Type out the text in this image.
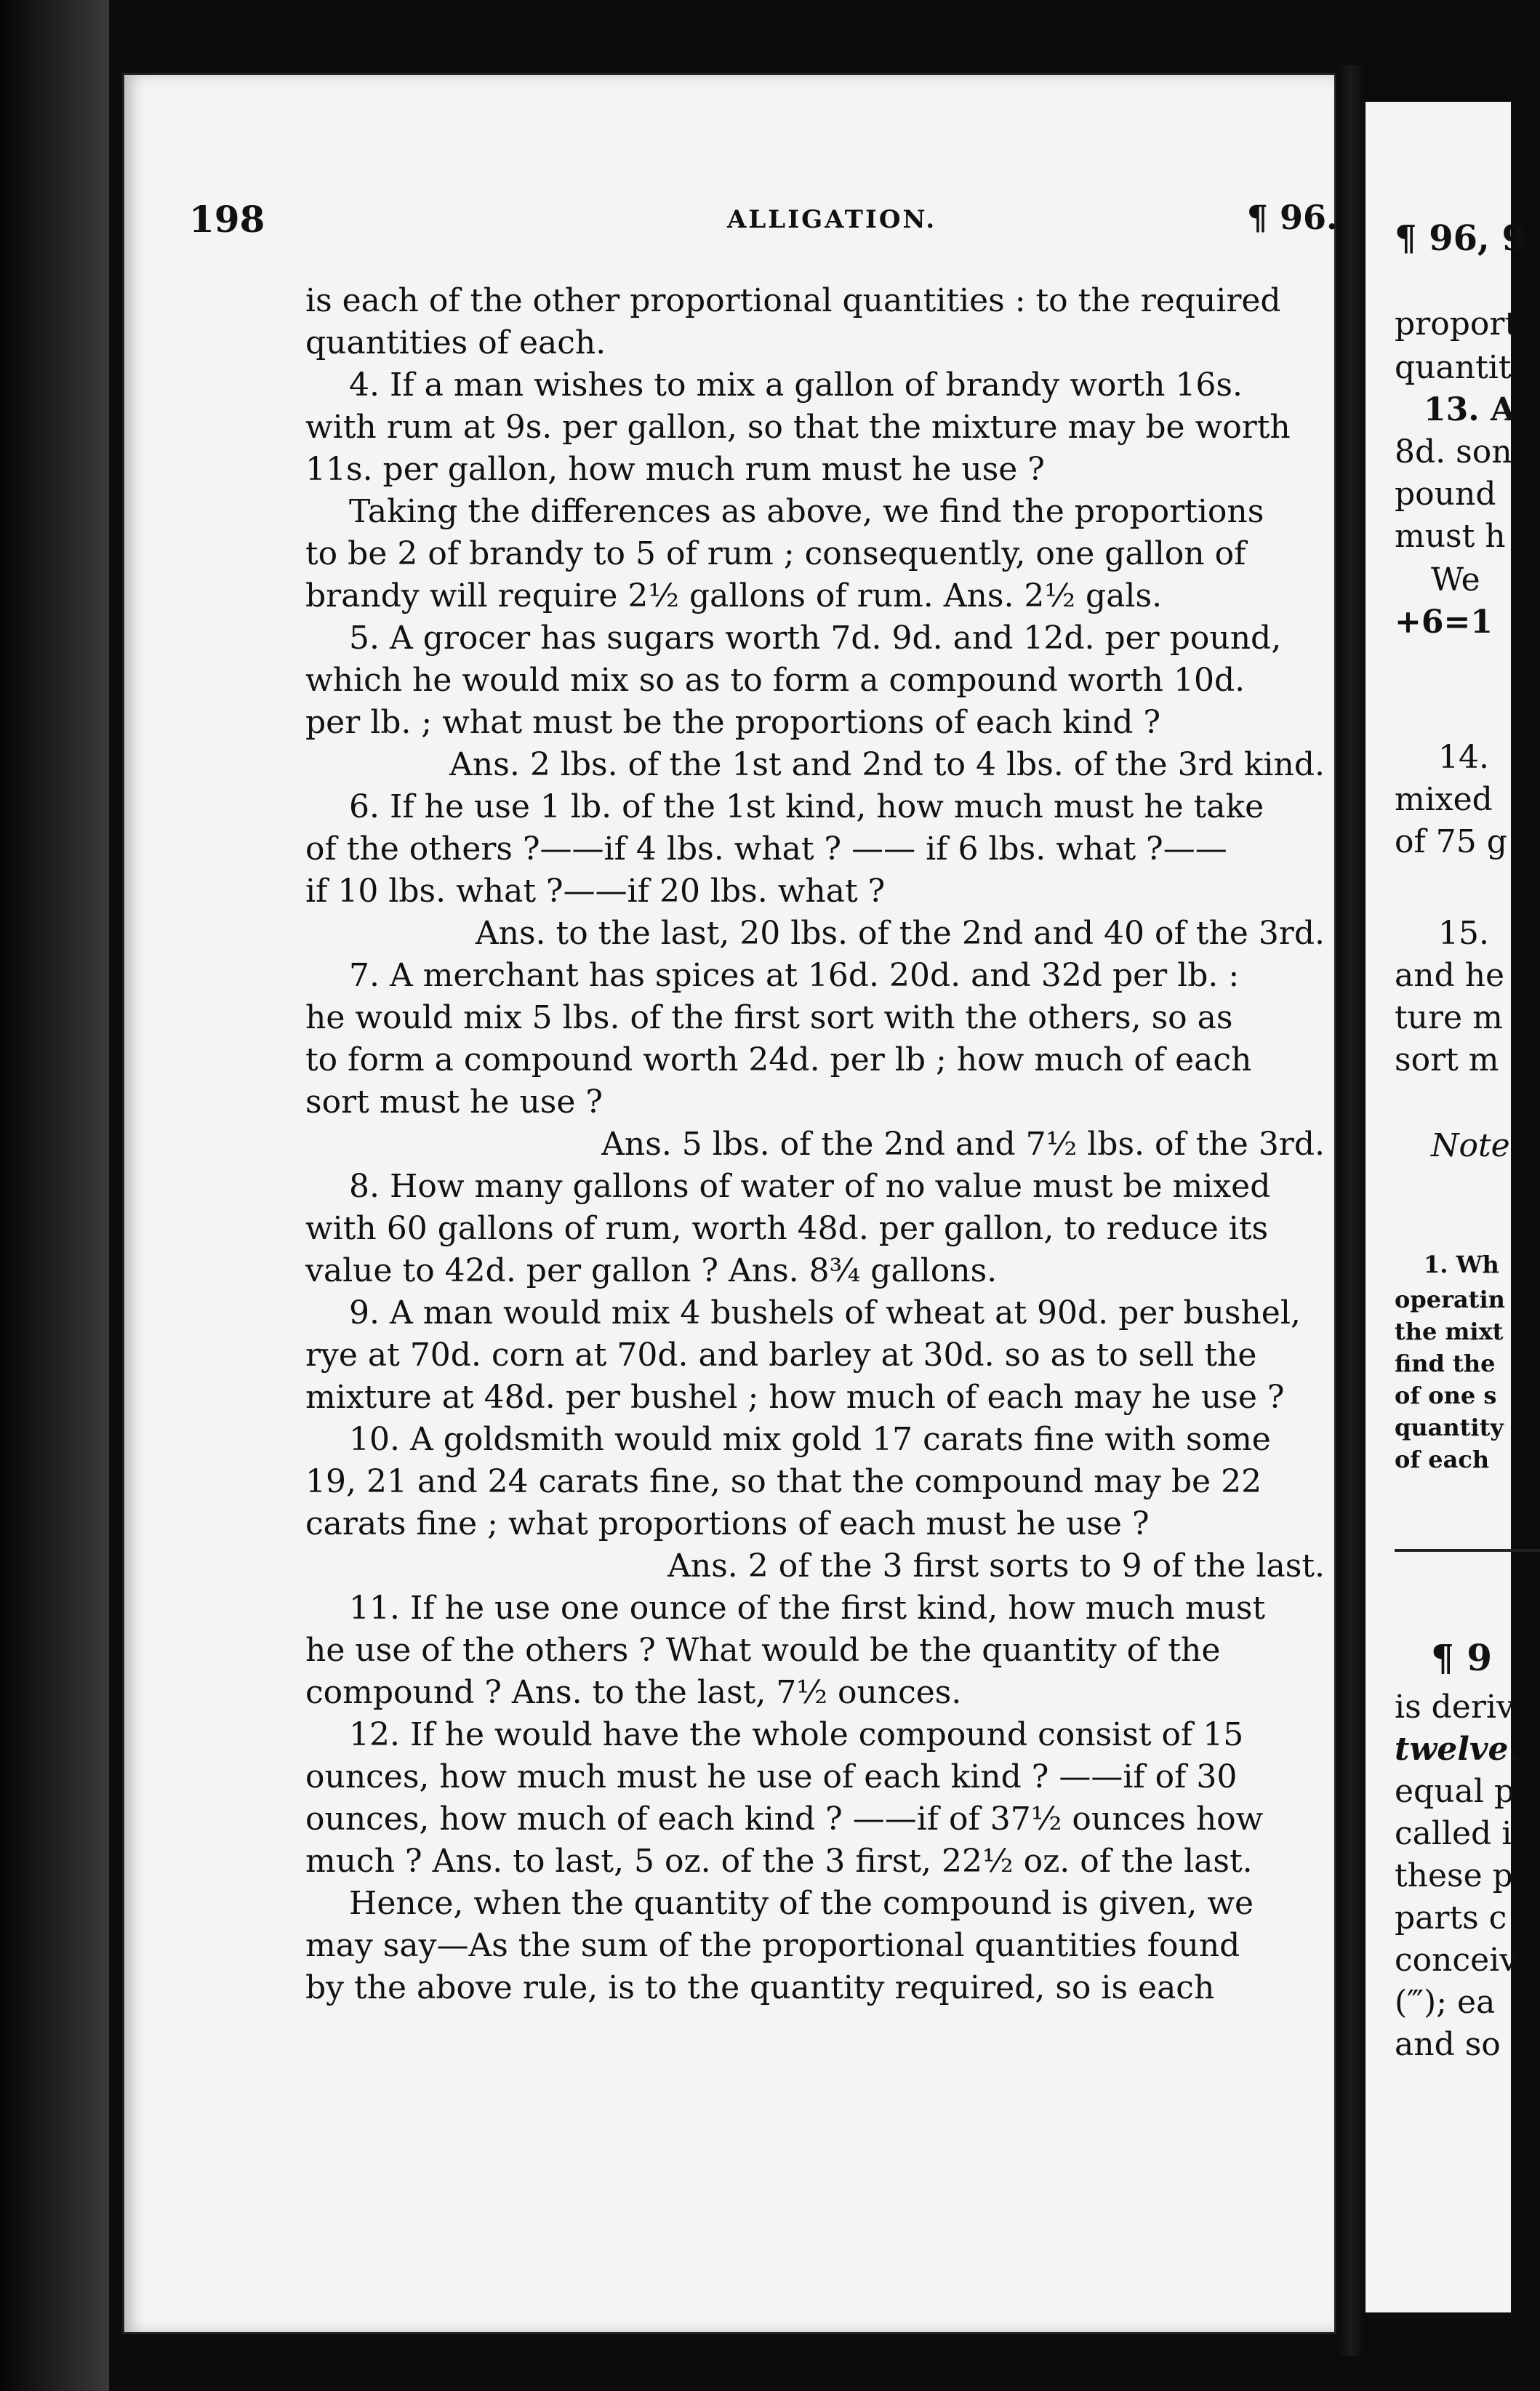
198	ALLIGATION.	¶ 96.
is each of the other proportional quantities : to the required
quantities of each.
4. If a man wishes to mix a gallon of brandy worth 16s.
with rum at 9s. per gallon, so that the mixture may be worth
11s. per gallon, how much rum must he use ?
Taking the differences as above, we find the proportions
to be 2 of brandy to 5 of rum ; consequently, one gallon of
brandy will require 2½ gallons of rum. Ans. 2½ gals.
5. A grocer has sugars worth 7d. 9d. and 12d. per pound,
which he would mix so as to form a compound worth 10d.
per lb. ; what must be the proportions of each kind ?
Ans. 2 lbs. of the 1st and 2nd to 4 lbs. of the 3rd kind.
6. If he use 1 lb. of the 1st kind, how much must he take
of the others ?——if 4 lbs. what ? —— if 6 lbs. what ?——
if 10 lbs. what ?——if 20 lbs. what ?
Ans. to the last, 20 lbs. of the 2nd and 40 of the 3rd.
7. A merchant has spices at 16d. 20d. and 32d per lb. :
he would mix 5 lbs. of the first sort with the others, so as
to form a compound worth 24d. per lb ; how much of each
sort must he use ?
Ans. 5 lbs. of the 2nd and 7½ lbs. of the 3rd.
8. How many gallons of water of no value must be mixed
with 60 gallons of rum, worth 48d. per gallon, to reduce its
value to 42d. per gallon ? Ans. 8¾ gallons.
9. A man would mix 4 bushels of wheat at 90d. per bushel,
rye at 70d. corn at 70d. and barley at 30d. so as to sell the
mixture at 48d. per bushel ; how much of each may he use ?
10. A goldsmith would mix gold 17 carats fine with some
19, 21 and 24 carats fine, so that the compound may be 22
carats fine ; what proportions of each must he use ?
Ans. 2 of the 3 first sorts to 9 of the last.
11. If he use one ounce of the first kind, how much must
he use of the others ? What would be the quantity of the
compound ? Ans. to the last, 7½ ounces.
12. If he would have the whole compound consist of 15
ounces, how much must he use of each kind ? ——if of 30
ounces, how much of each kind ? ——if of 37½ ounces how
much ? Ans. to last, 5 oz. of the 3 first, 22½ oz. of the last.
Hence, when the quantity of the compound is given, we
may say—As the sum of the proportional quantities found
by the above rule, is to the quantity required, so is each
¶ 96, 9
proport
quantit
13. A
8d. son
pound
must h
We
+6=1
14.
mixed
of 75 g
15.
and he
ture m
sort m
Note
1. Wh
operatin
the mixt
find the
of one s
quantity
of each
¶ 9
is deriv
twelve.
equal p
called i
these p
parts c
conceiv
(‴); ea
and so
